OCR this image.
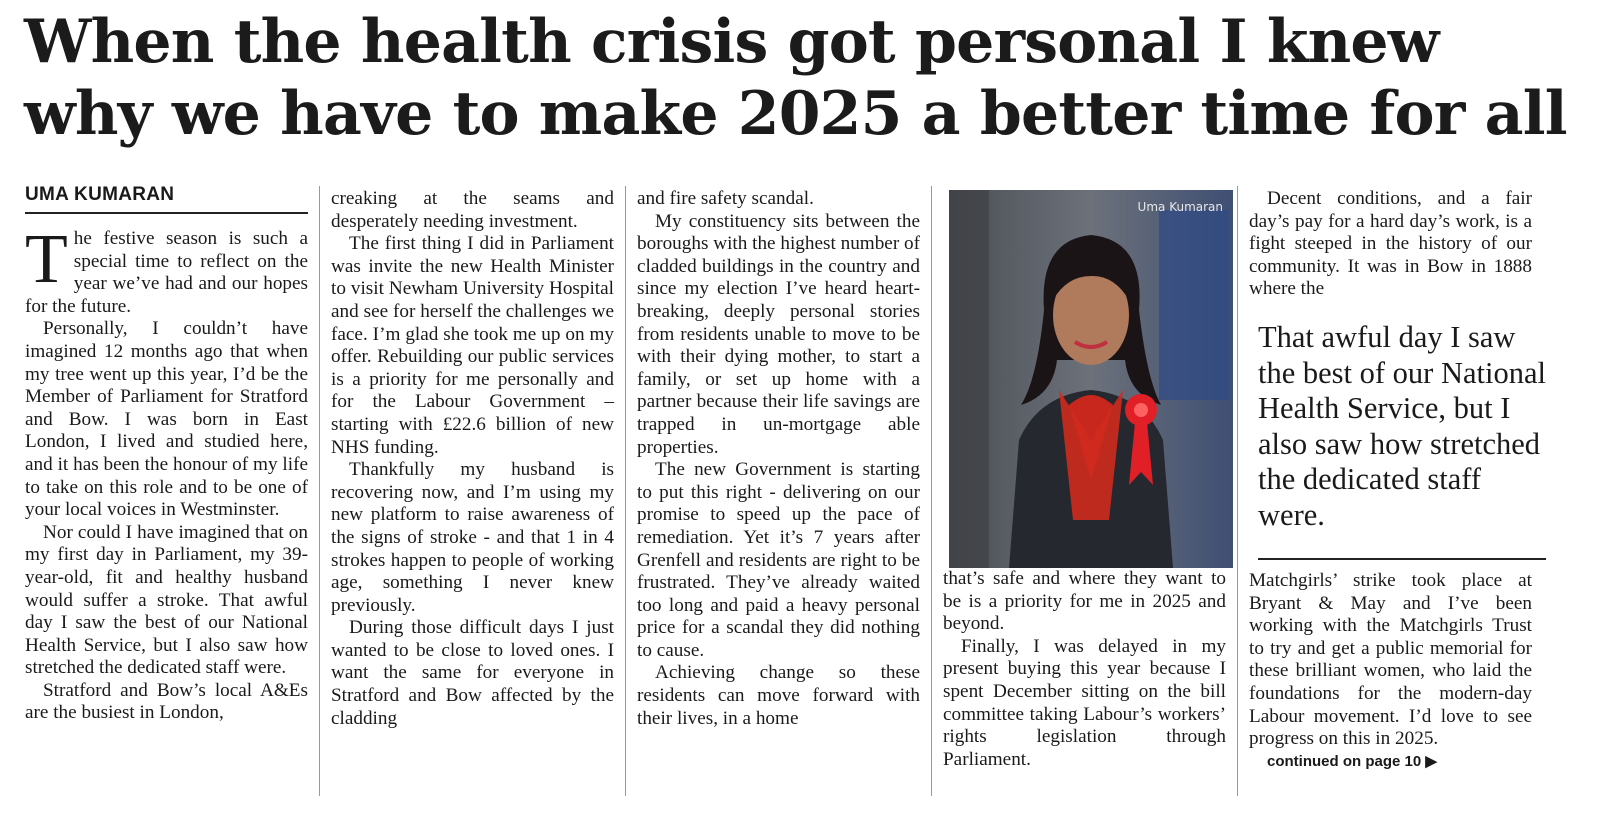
When the health crisis got personal I knew why we have to make 2025 a better time for all
UMA KUMARAN

The festive season is such a special time to reflect on the year we’ve had and our hopes for the future.

Personally, I couldn’t have imagined 12 months ago that when my tree went up this year, I’d be the Member of Parliament for Stratford and Bow. I was born in East London, I lived and studied here, and it has been the honour of my life to take on this role and to be one of your local voices in Westminster.

Nor could I have imagined that on my first day in Parliament, my 39-year-old, fit and healthy husband would suffer a stroke. That awful day I saw the best of our National Health Service, but I also saw how stretched the dedicated staff were.

Stratford and Bow’s local A&Es are the busiest in London,

creaking at the seams and desperately needing investment.

The first thing I did in Parliament was invite the new Health Minister to visit Newham University Hospital and see for herself the challenges we face. I’m glad she took me up on my offer. Rebuilding our public services is a priority for me personally and for the Labour Government – starting with £22.6 billion of new NHS funding.

Thankfully my husband is recovering now, and I’m using my new platform to raise awareness of the signs of stroke - and that 1 in 4 strokes happen to people of working age, something I never knew previously.

During those difficult days I just wanted to be close to loved ones. I want the same for everyone in Stratford and Bow affected by the cladding

and fire safety scandal.

My constituency sits between the boroughs with the highest number of cladded buildings in the country and since my election I’ve heard heart-breaking, deeply personal stories from residents unable to move to be with their dying mother, to start a family, or set up home with a partner because their life savings are trapped in un-mortgage able properties.

The new Government is starting to put this right - delivering on our promise to speed up the pace of remediation. Yet it’s 7 years after Grenfell and residents are right to be frustrated. They’ve already waited too long and paid a heavy personal price for a scandal they did nothing to cause.

Achieving change so these residents can move forward with their lives, in a home

Uma Kumaran

that’s safe and where they want to be is a priority for me in 2025 and beyond.

Finally, I was delayed in my present buying this year because I spent December sitting on the bill committee taking Labour’s workers’ rights legislation through Parliament.

Decent conditions, and a fair day’s pay for a hard day’s work, is a fight steeped in the history of our community. It was in Bow in 1888 where the

That awful day I saw the best of our National Health Service, but I also saw how stretched the dedicated staff were.

Matchgirls’ strike took place at Bryant & May and I’ve been working with the Matchgirls Trust to try and get a public memorial for these brilliant women, who laid the foundations for the modern-day Labour movement. I’d love to see progress on this in 2025.

continued on page 10 ▶
